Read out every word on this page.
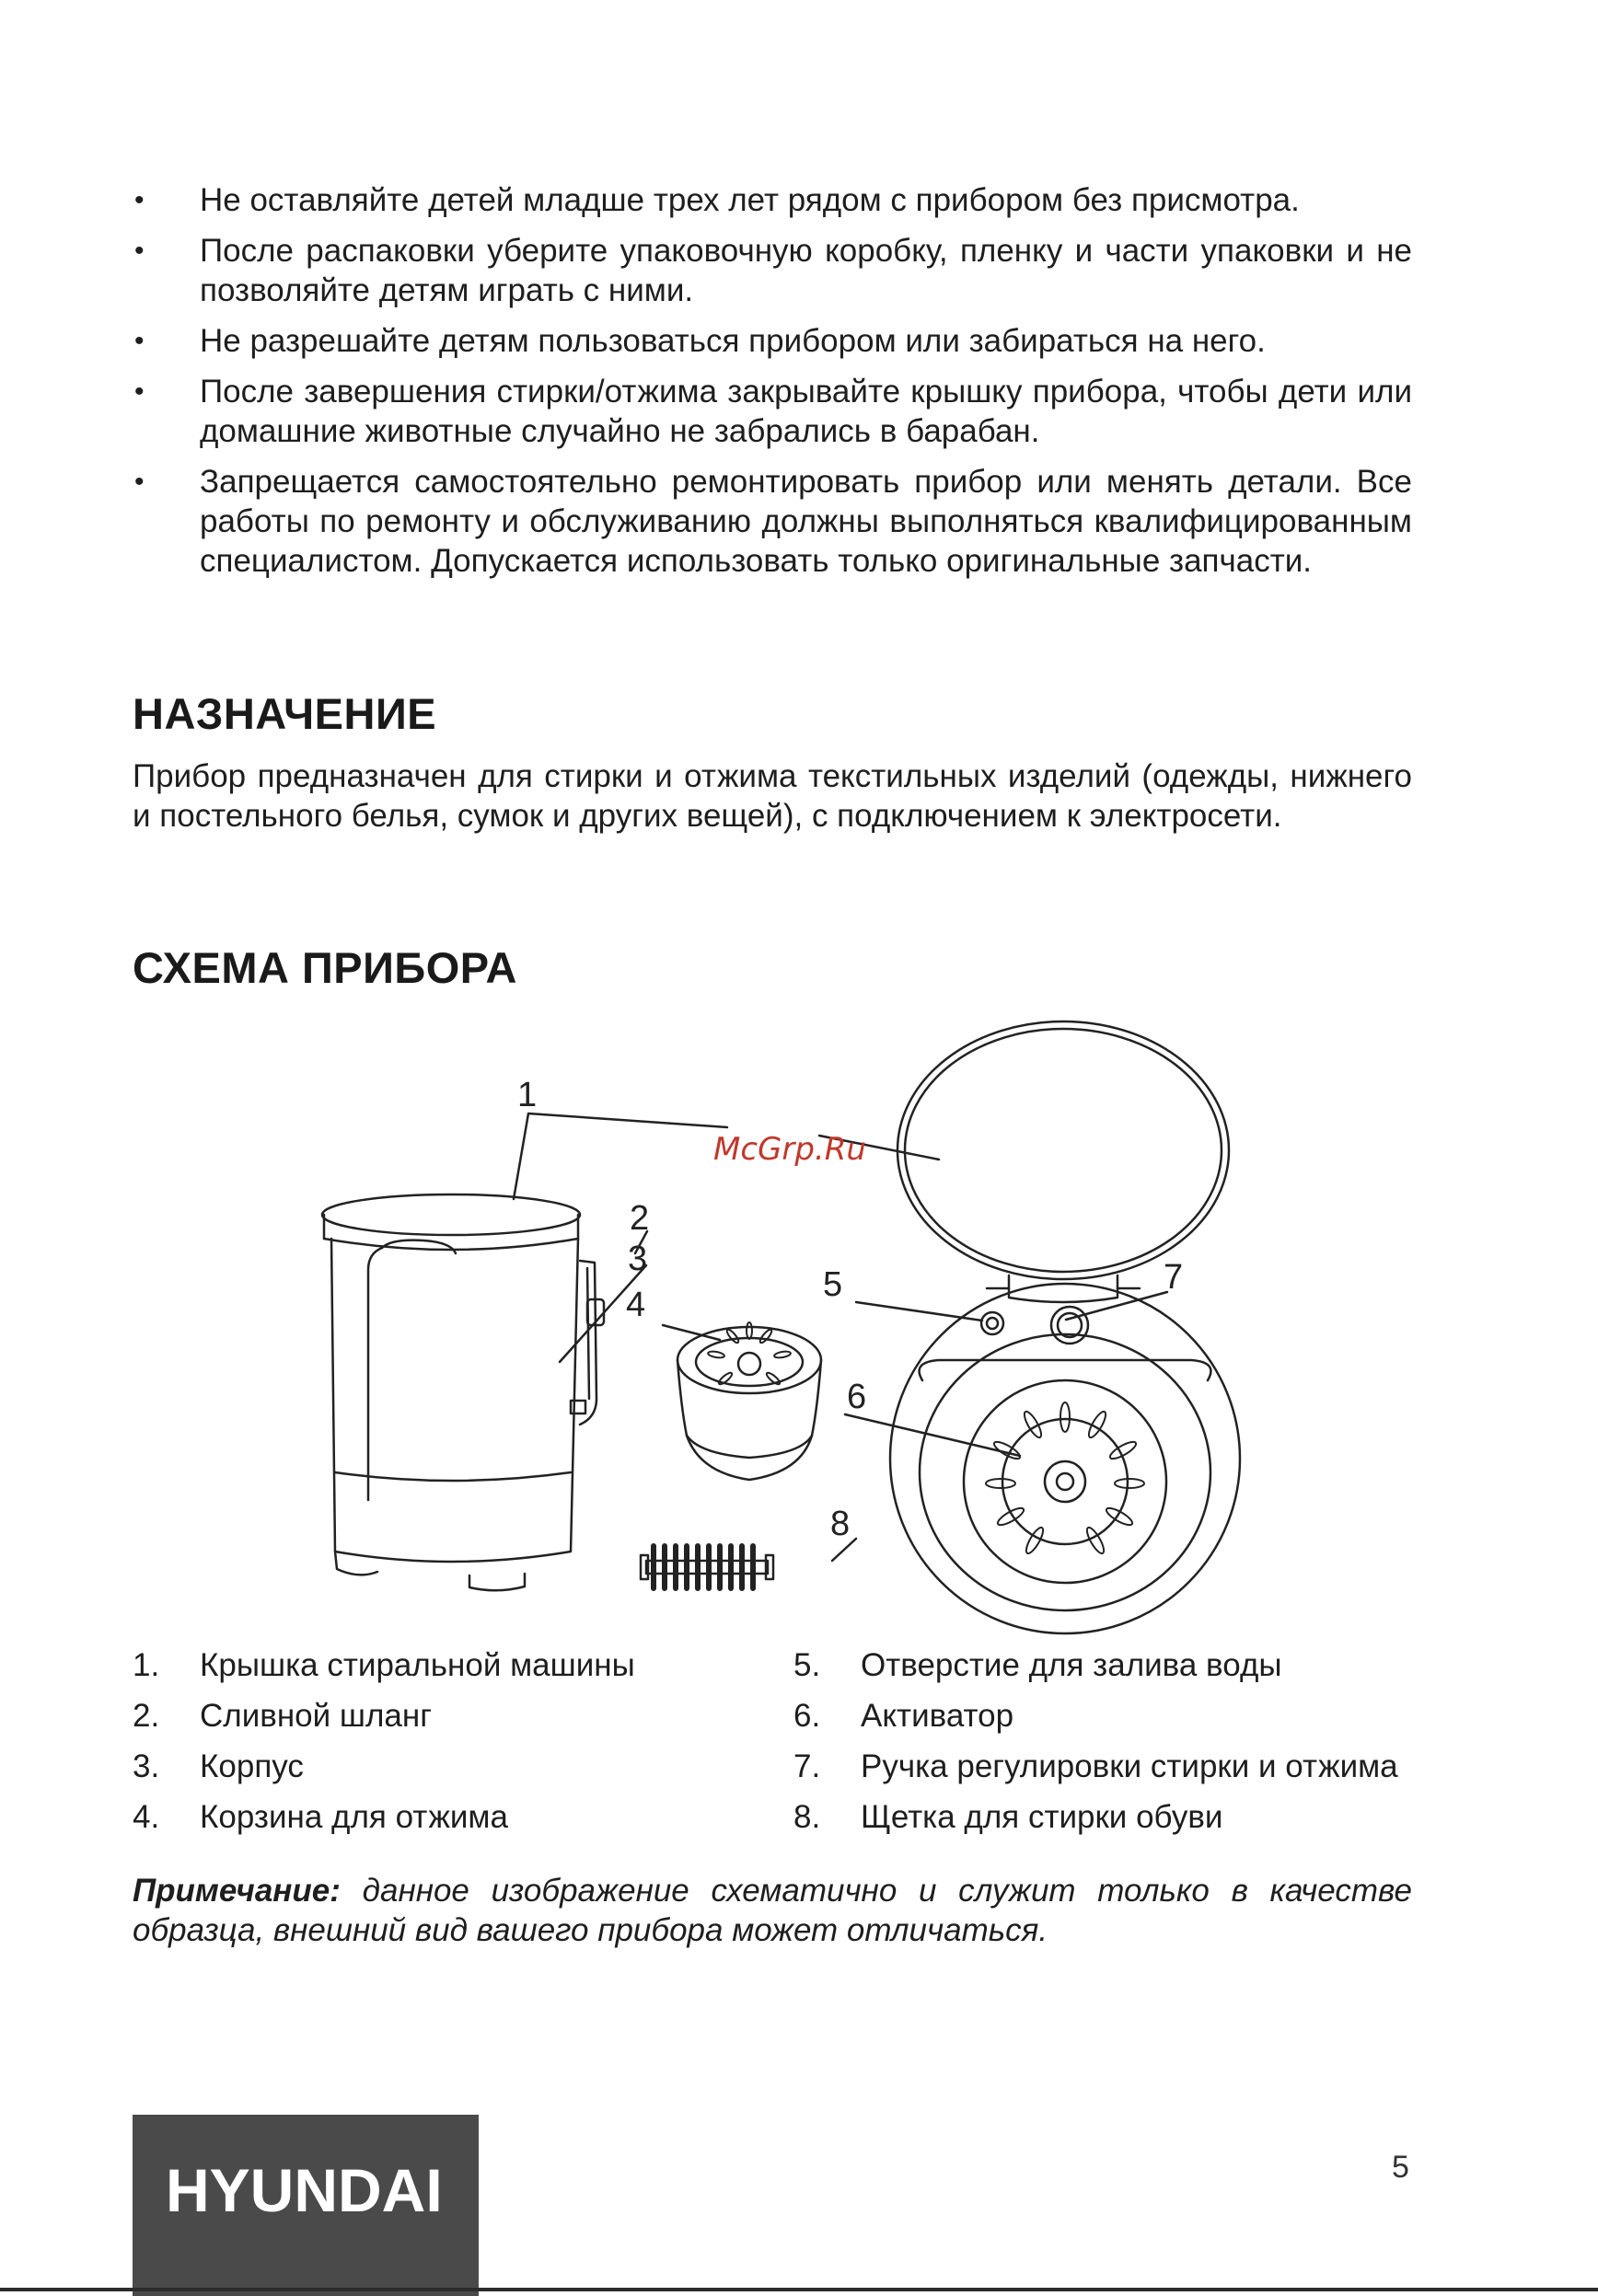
• Не оставляйте детей младше трех лет рядом с прибором без присмотра.
• После распаковки уберите упаковочную коробку, пленку и части упаковки и не позволяйте детям играть с ними.
• Не разрешайте детям пользоваться прибором или забираться на него.
• После завершения стирки/отжима закрывайте крышку прибора, чтобы дети или домашние животные случайно не забрались в барабан.
• Запрещается самостоятельно ремонтировать прибор или менять детали. Все работы по ремонту и обслуживанию должны выполняться квалифицированным специалистом. Допускается использовать только оригинальные запчасти.
НАЗНАЧЕНИЕ
Прибор предназначен для стирки и отжима текстильных изделий (одежды, нижнего и постельного белья, сумок и других вещей), с подключением к электросети.
СХЕМА ПРИБОРА
1
2
3
4
5
6
7
8
McGrp.Ru
1.	Крышка стиральной машины
2.	Сливной шланг
3.	Корпус
4.	Корзина для отжима
5.	Отверстие для залива воды
6.	Активатор
7.	Ручка регулировки стирки и отжима
8.	Щетка для стирки обуви
Примечание: данное изображение схематично и служит только в качестве образца, внешний вид вашего прибора может отличаться.
HYUNDAI	5
